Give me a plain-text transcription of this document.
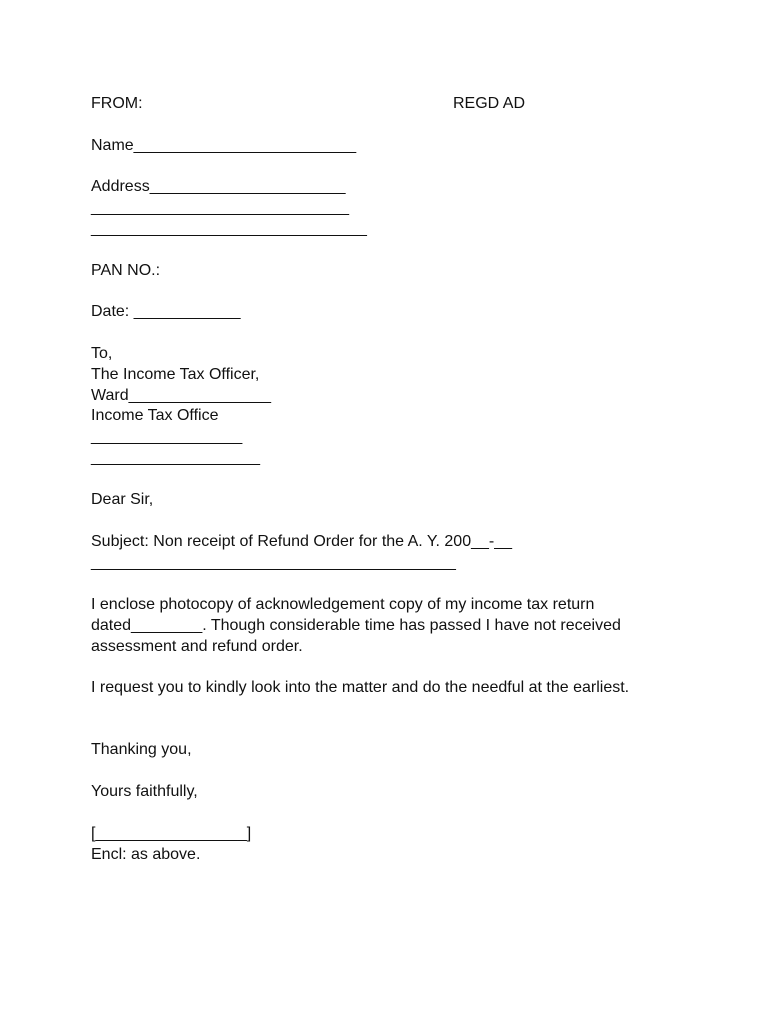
FROM:	REGD AD
Name_________________________
Address______________________
_____________________________
_______________________________
PAN NO.:
Date: ____________
To,
The Income Tax Officer,
Ward________________
Income Tax Office
_________________
___________________
Dear Sir,
Subject: Non receipt of Refund Order for the A. Y. 200__-__
_________________________________________
I enclose photocopy of acknowledgement copy of my income tax return dated________. Though considerable time has passed I have not received assessment and refund order.
I request you to kindly look into the matter and do the needful at the earliest.
Thanking you,
Yours faithfully,
[_________________]
Encl: as above.
